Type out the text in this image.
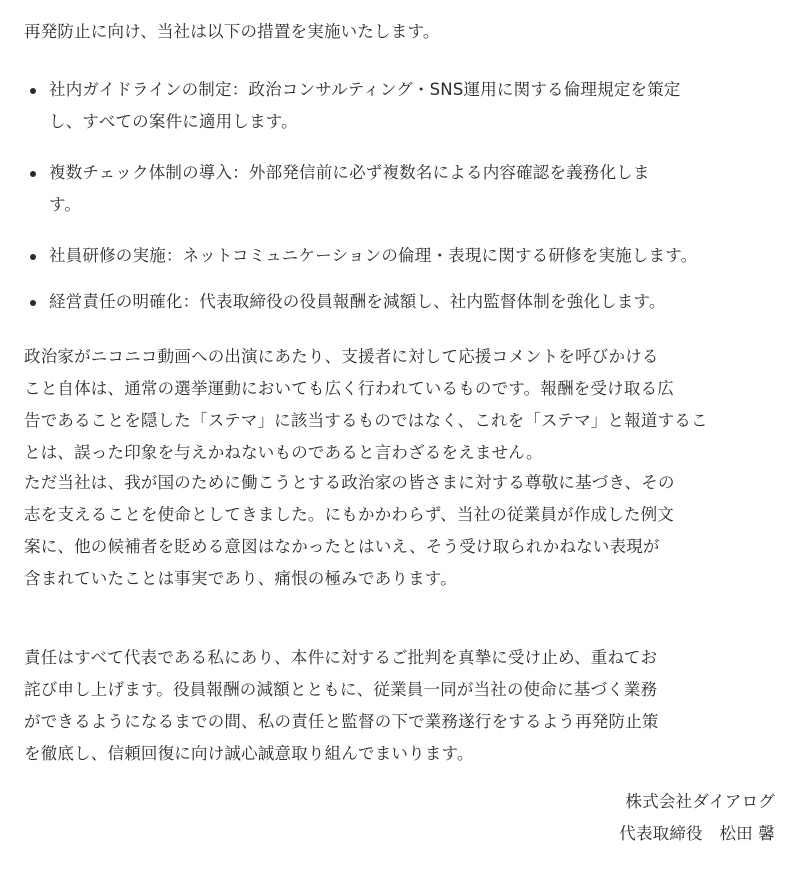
再発防止に向け、当社は以下の措置を実施いたします。

社内ガイドラインの制定：政治コンサルティング・SNS運用に関する倫理規定を策定
し、すべての案件に適用します。
複数チェック体制の導入：外部発信前に必ず複数名による内容確認を義務化しま
す。
社員研修の実施：ネットコミュニケーションの倫理・表現に関する研修を実施します。
経営責任の明確化：代表取締役の役員報酬を減額し、社内監督体制を強化します。

政治家がニコニコ動画への出演にあたり、支援者に対して応援コメントを呼びかける
こと自体は、通常の選挙運動においても広く行われているものです。報酬を受け取る広
告であることを隠した「ステマ」に該当するものではなく、これを「ステマ」と報道するこ
とは、誤った印象を与えかねないものであると言わざるをえません。

ただ当社は、我が国のために働こうとする政治家の皆さまに対する尊敬に基づき、その
志を支えることを使命としてきました。にもかかわらず、当社の従業員が作成した例文
案に、他の候補者を貶める意図はなかったとはいえ、そう受け取られかねない表現が
含まれていたことは事実であり、痛恨の極みであります。

責任はすべて代表である私にあり、本件に対するご批判を真摯に受け止め、重ねてお
詫び申し上げます。役員報酬の減額とともに、従業員一同が当社の使命に基づく業務
ができるようになるまでの間、私の責任と監督の下で業務遂行をするよう再発防止策
を徹底し、信頼回復に向け誠心誠意取り組んでまいります。

株式会社ダイアログ
代表取締役　松田 馨
